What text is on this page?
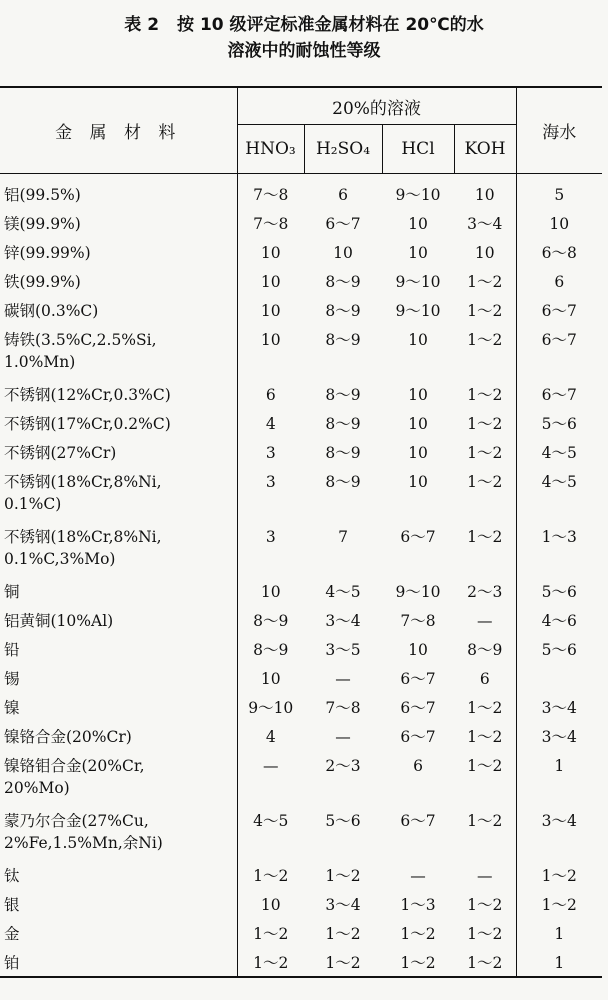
表 2 按 10 级评定标准金属材料在 20℃的水
溶液中的耐蚀性等级
金 属 材 料	20%的溶液				海水
	HNO₃	H₂SO₄	HCl	KOH	
铝(99.5%)	7～8	6	9～10	10	5
镁(99.9%)	7～8	6～7	10	3～4	10
锌(99.99%)	10	10	10	10	6～8
铁(99.9%)	10	8～9	9～10	1～2	6
碳钢(0.3%C)	10	8～9	9～10	1～2	6～7
铸铁(3.5%C,2.5%Si,
1.0%Mn)	10	8～9	10	1～2	6～7
不锈钢(12%Cr,0.3%C)	6	8～9	10	1～2	6～7
不锈钢(17%Cr,0.2%C)	4	8～9	10	1～2	5～6
不锈钢(27%Cr)	3	8～9	10	1～2	4～5
不锈钢(18%Cr,8%Ni,
0.1%C)	3	8～9	10	1～2	4～5
不锈钢(18%Cr,8%Ni,
0.1%C,3%Mo)	3	7	6～7	1～2	1～3
铜	10	4～5	9～10	2～3	5～6
铝黄铜(10%Al)	8～9	3～4	7～8	—	4～6
铅	8～9	3～5	10	8～9	5～6
锡	10	—	6～7	6	
镍	9～10	7～8	6～7	1～2	3～4
镍铬合金(20%Cr)	4	—	6～7	1～2	3～4
镍铬钼合金(20%Cr,
20%Mo)	—	2～3	6	1～2	1
蒙乃尔合金(27%Cu,
2%Fe,1.5%Mn,余Ni)	4～5	5～6	6～7	1～2	3～4
钛	1～2	1～2	—	—	1～2
银	10	3～4	1～3	1～2	1～2
金	1～2	1～2	1～2	1～2	1
铂	1～2	1～2	1～2	1～2	1
